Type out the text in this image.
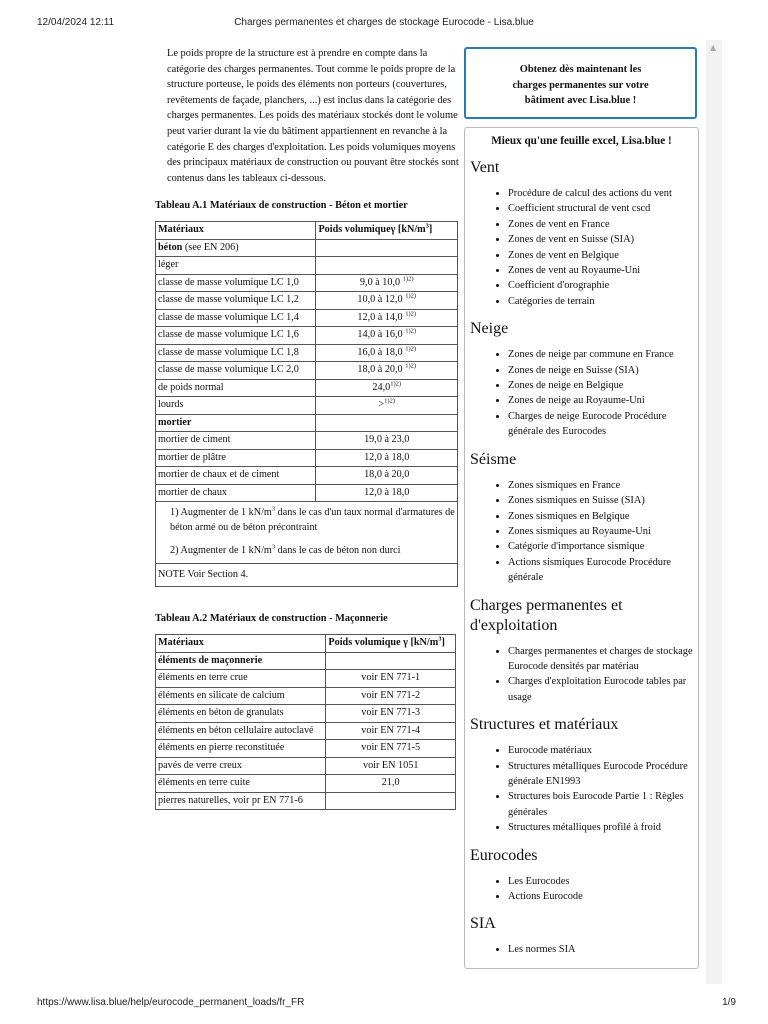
12/04/2024 12:11	Charges permanentes et charges de stockage Eurocode - Lisa.blue

Le poids propre de la structure est à prendre en compte dans la catégorie des charges permanentes. Tout comme le poids propre de la structure porteuse, le poids des éléments non porteurs (couvertures, revêtements de façade, planchers, ...) est inclus dans la catégorie des charges permanentes. Les poids des matériaux stockés dont le volume peut varier durant la vie du bâtiment appartiennent en revanche à la catégorie E des charges d'exploitation. Les poids volumiques moyens des principaux matériaux de construction ou pouvant être stockés sont contenus dans les tableaux ci-dessous.

Tableau A.1 Matériaux de construction - Béton et mortier

Matériaux	Poids volumiqueγ $[kN/m^3]$
béton (see EN 206)	
léger	
classe de masse volumique LC 1,0	9,0 à 10,0 $^{1)2)}$
classe de masse volumique LC 1,2	10,0 à 12,0 $^{1)2)}$
classe de masse volumique LC 1,4	12,0 à 14,0 $^{1)2)}$
classe de masse volumique LC 1,6	14,0 à 16,0 $^{1)2)}$
classe de masse volumique LC 1,8	16,0 à 18,0 $^{1)2)}$
classe de masse volumique LC 2,0	18,0 à 20,0 $^{1)2)}$
de poids normal	$24,0^{1)2)}$
lourds	>$^{1)2)}$
mortier	
mortier de ciment	19,0 à 23,0
mortier de plâtre	12,0 à 18,0
mortier de chaux et de ciment	18,0 à 20,0
mortier de chaux	12,0 à 18,0

1) Augmenter de 1 $kN/m^3$ dans le cas d'un taux normal d'armatures de béton armé ou de béton précontraint

2) Augmenter de 1 $kN/m^3$ dans le cas de béton non durci	

NOTE Voir Section 4.	

Tableau A.2 Matériaux de construction - Maçonnerie

Matériaux	Poids volumique γ $[kN/m^3]$
éléments de maçonnerie	
éléments en terre crue	voir EN 771-1
éléments en silicate de calcium	voir EN 771-2
éléments en béton de granulats	voir EN 771-3
éléments en béton cellulaire autoclavé	voir EN 771-4
éléments en pierre reconstituée	voir EN 771-5
pavés de verre creux	voir EN 1051
éléments en terre cuite	21,0
pierres naturelles, voir pr EN 771-6	
▲
Obtenez dès maintenant les
charges permanentes sur votre
bâtiment avec Lisa.blue !
Mieux qu'une feuille excel, Lisa.blue !
Vent
• Procédure de calcul des actions du vent
• Coefficient structural de vent cscd
• Zones de vent en France
• Zones de vent en Suisse (SIA)
• Zones de vent en Belgique
• Zones de vent au Royaume-Uni
• Coefficient d'orographie
• Catégories de terrain
Neige
• Zones de neige par commune en France
• Zones de neige en Suisse (SIA)
• Zones de neige en Belgique
• Zones de neige au Royaume-Uni
• Charges de neige Eurocode Procédure générale des Eurocodes
Séisme
• Zones sismiques en France
• Zones sismiques en Suisse (SIA)
• Zones sismiques en Belgique
• Zones sismiques au Royaume-Uni
• Catégorie d'importance sismique
• Actions sismiques Eurocode Procédure générale
Charges permanentes et d'exploitation
• Charges permanentes et charges de stockage Eurocode densités par matériau
• Charges d'exploitation Eurocode tables par usage
Structures et matériaux
• Eurocode matériaux
• Structures métalliques Eurocode Procédure générale EN1993
• Structures bois Eurocode Partie 1 : Règles générales
• Structures métalliques profilé à froid
Eurocodes
• Les Eurocodes
• Actions Eurocode
SIA
• Les normes SIA
https://www.lisa.blue/help/eurocode_permanent_loads/fr_FR	1/9
